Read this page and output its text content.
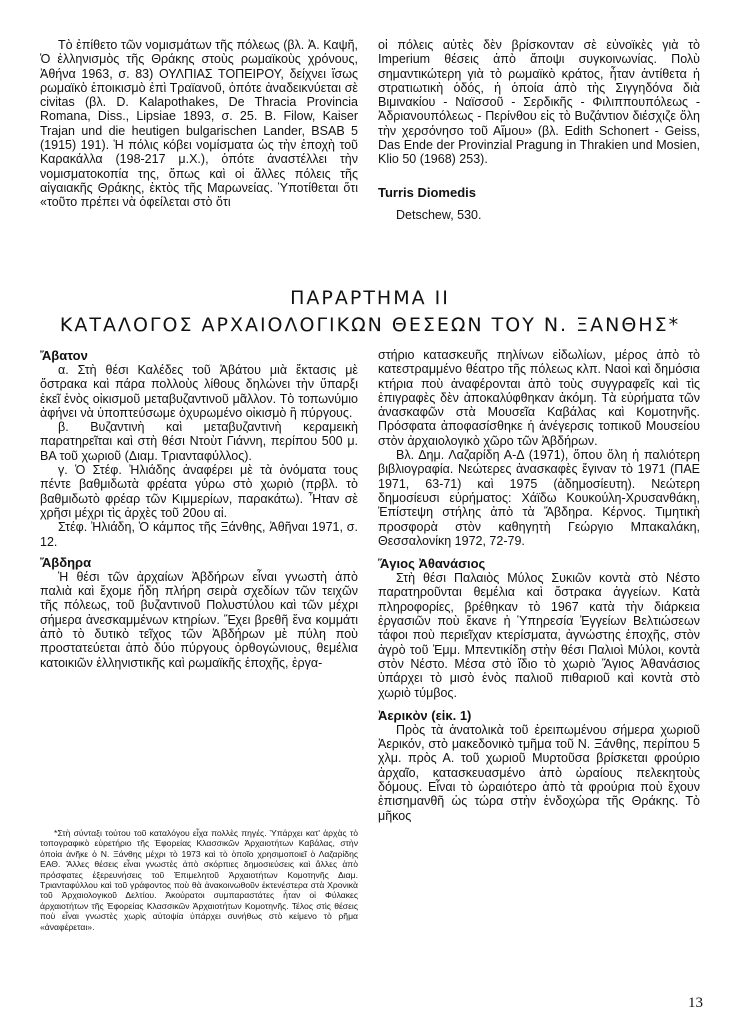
Τὸ ἐπίθετο τῶν νομισμάτων τῆς πόλεως (βλ. Ἀ. Καψῆ, Ὁ ἐλληνισμὸς τῆς Θράκης στοὺς ρωμαϊκοὺς χρόνους, Ἀθήνα 1963, σ. 83) ΟΥΛΠΙΑΣ ΤΟΠΕΙΡΟΥ, δείχνει ἴσως ρωμαϊκὸ ἐποικισμὸ ἐπὶ Τραϊανοῦ, ὁπότε ἀναδεικνύεται σὲ civitas (βλ. D. Kalapothakes, De Thracia Provincia Romana, Diss., Lipsiae 1893, σ. 25. B. Filow, Kaiser Trajan und die heutigen bulgarischen Lander, BSAB 5 (1915) 191). Ἡ πόλις κόβει νομίσματα ὡς τὴν ἐποχὴ τοῦ Καρακάλλα (198-217 μ.Χ.), ὁπότε ἀναστέλλει τὴν νομισματοκοπία της, ὅπως καὶ οἱ ἄλλες πόλεις τῆς αἰγαιακῆς Θράκης, ἐκτὸς τῆς Μαρωνείας. Ὑποτίθεται ὅτι «τοῦτο πρέπει νὰ ὀφείλεται στὸ ὅτι

οἱ πόλεις αὐτὲς δὲν βρίσκονταν σὲ εὐνοϊκὲς γιὰ τὸ Imperium θέσεις ἀπὸ ἄποψι συγκοινωνίας. Πολὺ σημαντικώτερη γιὰ τὸ ρωμαϊκὸ κράτος, ἦταν ἀντίθετα ἡ στρατιωτικὴ ὁδός, ἡ ὁποία ἀπὸ τὴς Σιγγηδόνα διὰ Βιμινακίου - Ναϊσσοῦ - Σερδικῆς - Φιλιππουπόλεως - Ἀδριανουπόλεως - Περίνθου εἰς τὸ Βυζάντιον διέσχιζε ὅλη τὴν χερσόνησο τοῦ Αἵμου» (βλ. Edith Schonert - Geiss, Das Ende der Provinzial Pragung in Thrakien und Mosien, Klio 50 (1968) 253).

Turris Diomedis

Detschew, 530.

ΠΑΡΑΡΤΗΜΑ ΙΙ
ΚΑΤΑΛΟΓΟΣ ΑΡΧΑΙΟΛΟΓΙΚΩΝ ΘΕΣΕΩΝ ΤΟΥ Ν. ΞΑΝΘΗΣ*

Ἄβατον

α. Στὴ θέσι Καλέδες τοῦ Ἀβάτου μιὰ ἔκτασις μὲ ὄστρακα καὶ πάρα πολλοὺς λίθους δηλώνει τὴν ὕπαρξι ἐκεῖ ἑνὸς οἰκισμοῦ μεταβυζαντινοῦ μᾶλλον. Τὸ τοπωνύμιο ἀφήνει νὰ ὑποπτεύσωμε ὀχυρωμένο οἰκισμὸ ἢ πύργους.

β. Βυζαντινὴ καὶ μεταβυζαντινὴ κεραμεικὴ παρατηρεῖται καὶ στὴ θέσι Ντοὺτ Γιάννη, περίπου 500 μ. ΒΑ τοῦ χωριοῦ (Διαμ. Τριανταφύλλος).

γ. Ὁ Στέφ. Ἠλιάδης ἀναφέρει μὲ τὰ ὀνόματα τους πέντε βαθμιδωτὰ φρέατα γύρω στὸ χωριὸ (πρβλ. τὸ βαθμιδωτὸ φρέαρ τῶν Κιμμερίων, παρακάτω). Ἦταν σὲ χρῆσι μέχρι τὶς ἀρχὲς τοῦ 20ου αἰ.

Στέφ. Ἠλιάδη, Ὁ κάμπος τῆς Ξάνθης, Ἀθῆναι 1971, σ. 12.

Ἄβδηρα

Ἡ θέσι τῶν ἀρχαίων Ἀβδήρων εἶναι γνωστὴ ἀπὸ παλιὰ καὶ ἔχομε ἤδη πλήρη σειρὰ σχεδίων τῶν τειχῶν τῆς πόλεως, τοῦ βυζαντινοῦ Πολυστύλου καὶ τῶν μέχρι σήμερα ἀνεσκαμμένων κτηρίων. Ἔχει βρεθῆ ἕνα κομμάτι ἀπὸ τὸ δυτικὸ τεῖχος τῶν Ἀβδήρων μὲ πύλη ποὺ προστατεύεται ἀπὸ δύο πύργους ὀρθογώνιους, θεμέλια κατοικιῶν ἑλληνιστικῆς καὶ ρωμαϊκῆς ἐποχῆς, ἐργα-

*Στὴ σύνταξι τούτου τοῦ καταλόγου εἶχα πολλὲς πηγές. Ὑπάρχει κατ' ἀρχὰς τὸ τοπογραφικὸ εὑρετήριο τῆς Ἐφορείας Κλασσικῶν Ἀρχαιοτήτων Καβάλας, στὴν ὁποία ἀνῆκε ὁ Ν. Ξάνθης μέχρι τὸ 1973 καὶ τὸ ὁποῖο χρησιμοποιεῖ ὁ Λαζαρίδης ΕΑΘ. Ἄλλες θέσεις εἶναι γνωστὲς ἀπὸ σκόρπιες δημοσιεύσεις καὶ ἄλλες ἀπὸ πρόσφατες ἐξερευνήσεις τοῦ Ἐπιμελητοῦ Ἀρχαιοτήτων Κομοτηνῆς Διαμ. Τριανταφύλλου καὶ τοῦ γράφοντος ποὺ θὰ ἀνακοινωθοῦν ἐκτενέστερα στὰ Χρονικὰ τοῦ Ἀρχαιολογικοῦ Δελτίου. Ἀκούρατοι συμπαραστάτες ἦταν οἱ Φύλακες ἀρχαιοτήτων τῆς Ἐφορείας Κλασσικῶν Ἀρχαιοτήτων Κομοτηνῆς. Τέλος στὶς θέσεις ποὺ εἶναι γνωστὲς χωρὶς αὐτοψία ὑπάρχει συνήθως στὸ κείμενο τὸ ρῆμα «ἀναφέρεται».

στήριο κατασκευῆς πηλίνων εἰδωλίων, μέρος ἀπὸ τὸ κατεστραμμένο θέατρο τῆς πόλεως κλπ. Ναοὶ καὶ δημόσια κτήρια ποὺ ἀναφέρονται ἀπὸ τοὺς συγγραφεῖς καὶ τὶς ἐπιγραφὲς δὲν ἀποκαλύφθηκαν ἀκόμη. Τὰ εὑρήματα τῶν ἀνασκαφῶν στὰ Μουσεῖα Καβάλας καὶ Κομοτηνῆς. Πρόσφατα ἀποφασίσθηκε ἡ ἀνέγερσις τοπικοῦ Μουσείου στὸν ἀρχαιολογικὸ χῶρο τῶν Ἀβδήρων.

Βλ. Δημ. Λαζαρίδη Α-Δ (1971), ὅπου ὅλη ἡ παλιότερη βιβλιογραφία. Νεώτερες ἀνασκαφὲς ἔγιναν τὸ 1971 (ΠΑΕ 1971, 63-71) καὶ 1975 (ἀδημοσίευτη). Νεώτερη δημοσίευσι εὑρήματος: Χάϊδω Κουκούλη-Χρυσανθάκη, Ἐπίστεψη στήλης ἀπὸ τὰ Ἄβδηρα. Κέρνος. Τιμητικὴ προσφορὰ στὸν καθηγητὴ Γεώργιο Μπακαλάκη, Θεσσαλονίκη 1972, 72-79.

Ἅγιος Ἀθανάσιος

Στὴ θέσι Παλαιὸς Μύλος Συκιῶν κοντὰ στὸ Νέστο παρατηροῦνται θεμέλια καὶ ὄστρακα ἀγγείων. Κατὰ πληροφορίες, βρέθηκαν τὸ 1967 κατὰ τὴν διάρκεια ἐργασιῶν ποὺ ἔκανε ἡ Ὑπηρεσία Ἐγγείων Βελτιώσεων τάφοι ποὺ περιεῖχαν κτερίσματα, ἀγνώστης ἐποχῆς, στὸν ἀγρὸ τοῦ Ἐμμ. Μπεντικίδη στὴν θέσι Παλιοὶ Μύλοι, κοντὰ στὸν Νέστο. Μέσα στὸ ἴδιο τὸ χωριὸ Ἅγιος Ἀθανάσιος ὑπάρχει τὸ μισὸ ἑνὸς παλιοῦ πιθαριοῦ καὶ κοντὰ στὸ χωριὸ τύμβος.

Ἀερικὸν (εἰκ. 1)

Πρὸς τὰ ἀνατολικὰ τοῦ ἐρειπωμένου σήμερα χωριοῦ Ἀερικόν, στὸ μακεδονικὸ τμῆμα τοῦ Ν. Ξάνθης, περίπου 5 χλμ. πρὸς Α. τοῦ χωριοῦ Μυρτοῦσα βρίσκεται φρούριο ἀρχαῖο, κατασκευασμένο ἀπὸ ὡραίους πελεκητοὺς δόμους. Εἶναι τὸ ὡραιότερο ἀπὸ τὰ φρούρια ποὺ ἔχουν ἐπισημανθῆ ὡς τώρα στὴν ἐνδοχώρα τῆς Θράκης. Τὸ μῆκος

13
